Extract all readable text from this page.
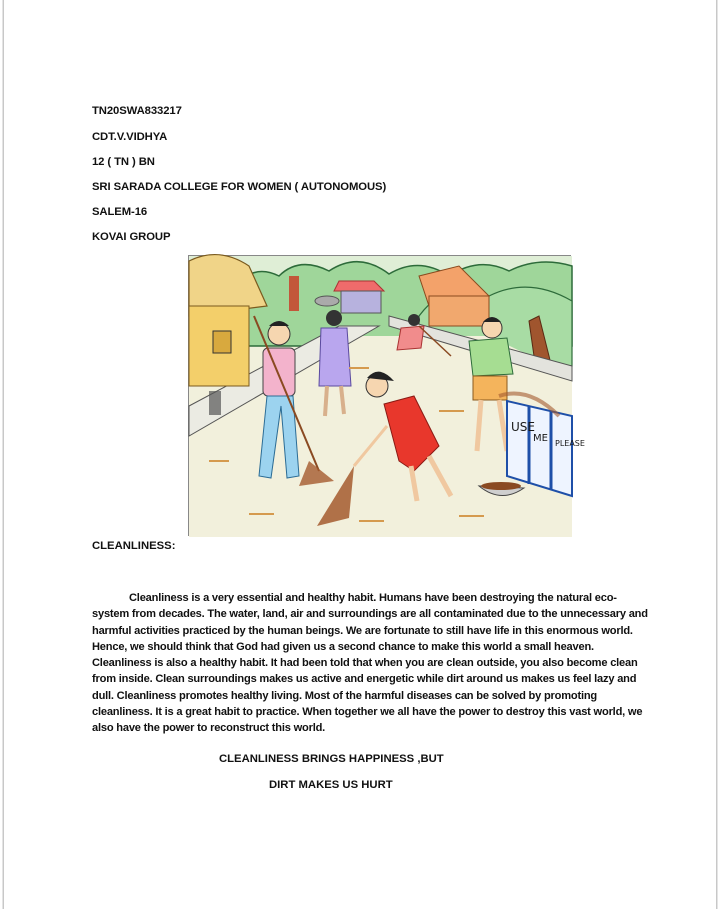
TN20SWA833217
CDT.V.VIDHYA
12 ( TN ) BN
SRI SARADA COLLEGE FOR WOMEN ( AUTONOMOUS)
SALEM-16
KOVAI GROUP
USE
ME PLEASE
CLEANLINESS:

Cleanliness is a very essential and healthy habit. Humans have been destroying the natural eco-system from decades. The water, land, air and surroundings are all contaminated due to the unnecessary and harmful activities practiced by the human beings. We are fortunate to still have life in this enormous world. Hence, we should think that God had given us a second chance to make this world a small heaven. Cleanliness is also a healthy habit. It had been told that when you are clean outside, you also become clean from inside. Clean surroundings makes us active and energetic while dirt around us makes us feel lazy and dull. Cleanliness promotes healthy living. Most of the harmful diseases can be solved by promoting cleanliness. It is a great habit to practice. When together we all have the power to destroy this vast world, we also have the power to reconstruct this world.

CLEANLINESS BRINGS HAPPINESS ,BUT
DIRT MAKES US HURT
